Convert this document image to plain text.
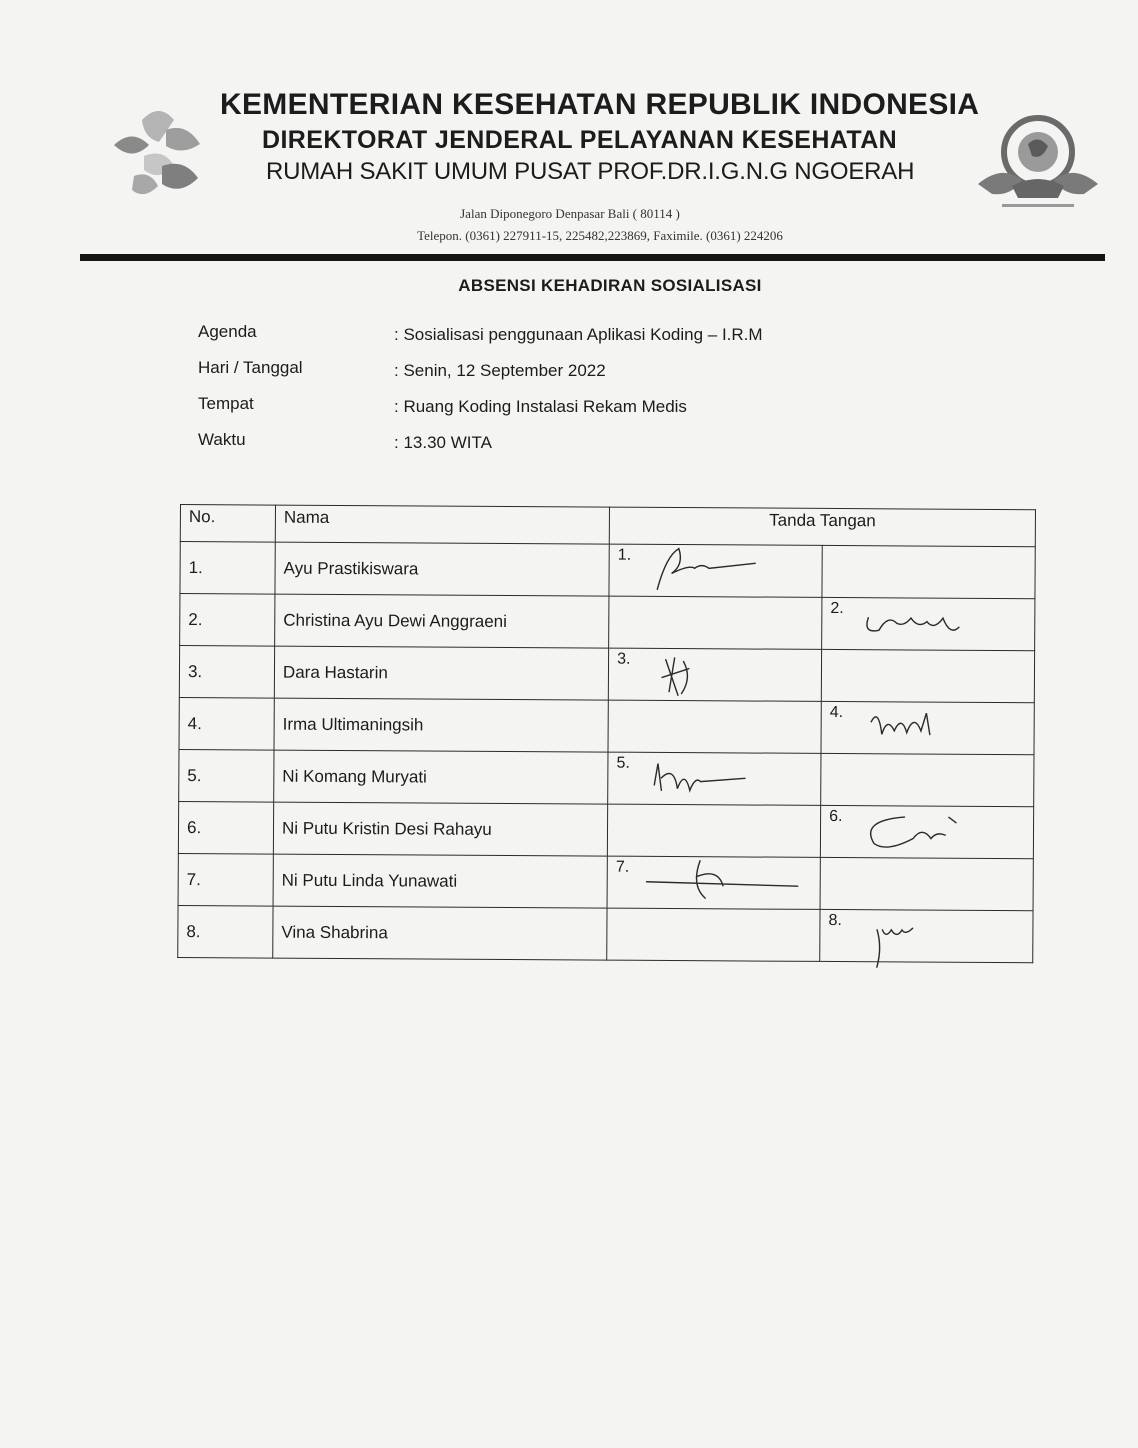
KEMENTERIAN KESEHATAN REPUBLIK INDONESIA
DIREKTORAT JENDERAL PELAYANAN KESEHATAN
RUMAH SAKIT UMUM PUSAT PROF.DR.I.G.N.G NGOERAH
Jalan Diponegoro Denpasar Bali ( 80114 )
Telepon. (0361) 227911-15, 225482,223869, Faximile. (0361) 224206
ABSENSI KEHADIRAN SOSIALISASI
Agenda	: Sosialisasi penggunaan Aplikasi Koding – I.R.M
Hari / Tanggal	: Senin, 12 September 2022
Tempat	: Ruang Koding Instalasi Rekam Medis
Waktu	: 13.30 WITA
No.	Nama	Tanda Tangan	
1.	Ayu Prastikiswara	1.	

2.	Christina Ayu Dewi Anggraeni		2.

3.	Dara Hastarin	3.	

4.	Irma Ultimaningsih		4.

5.	Ni Komang Muryati	5.	

6.	Ni Putu Kristin Desi Rahayu		6.

7.	Ni Putu Linda Yunawati	7.	

8.	Vina Shabrina		8.
